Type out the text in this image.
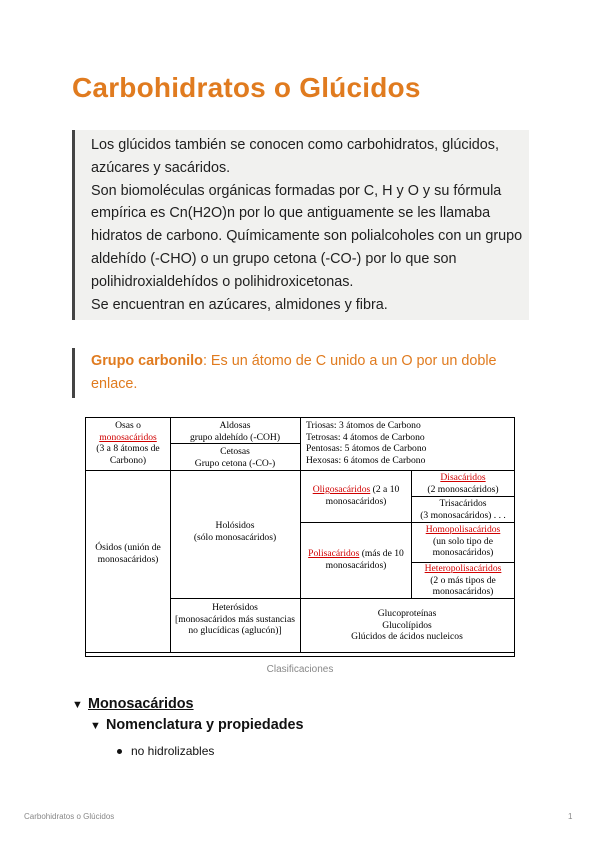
Carbohidratos o Glúcidos

Los glúcidos también se conocen como carbohidratos, glúcidos, azúcares y sacáridos.

Son biomoléculas orgánicas formadas por C, H y O y su fórmula empírica es Cn(H2O)n por lo que antiguamente se les llamaba hidratos de carbono. Químicamente son polialcoholes con un grupo aldehído (-CHO) o un grupo cetona (-CO-) por lo que son polihidroxialdehídos o polihidroxicetonas.

Se encuentran en azúcares, almidones y fibra.

Grupo carbonilo: Es un átomo de C unido a un O por un doble enlace.
Osas o
monosacáridos
(3 a 8 átomos de Carbono)
Aldosas
grupo aldehído (-COH)
Cetosas
Grupo cetona (-CO-)
Triosas: 3 átomos de Carbono
Tetrosas: 4 átomos de Carbono
Pentosas: 5 átomos de Carbono
Hexosas: 6 átomos de Carbono
Ósidos (unión de monosacáridos)
Holósidos
(sólo monosacáridos)
Oligosacáridos (2 a 10 monosacáridos)
Polisacáridos (más de 10 monosacáridos)
Disacáridos
(2 monosacáridos)
Trisacáridos
(3 monosacáridos) . . .
Homopolisacáridos
(un solo tipo de monosacáridos)
Heteropolisacáridos
(2 o más tipos de monosacáridos)
Heterósidos
[monosacáridos más sustancias no glucídicas (aglucón)]
Glucoproteínas
Glucolípidos
Glúcidos de ácidos nucleicos
Clasificaciones
▼ Monosacáridos
▼ Nomenclatura y propiedades
no hidrolizables
Carbohidratos o Glúcidos	1
